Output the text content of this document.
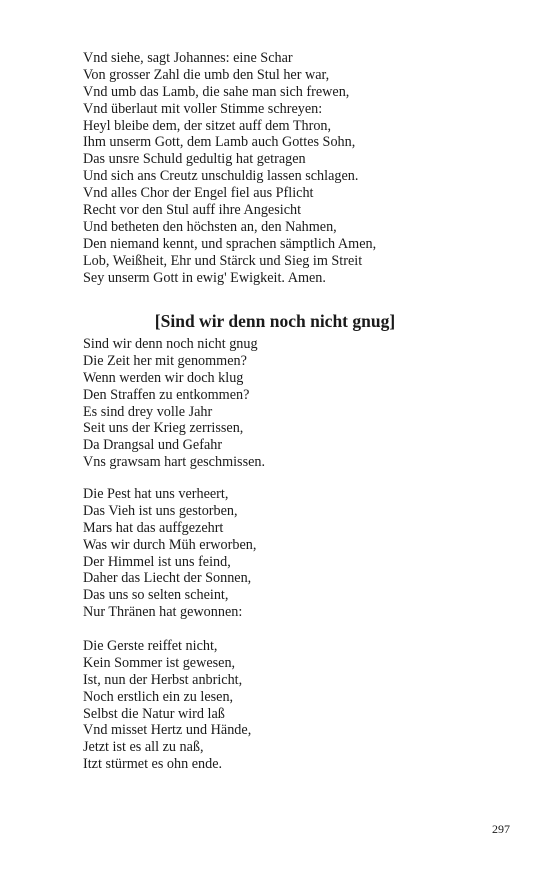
Vnd siehe, sagt Johannes: eine Schar
Von grosser Zahl die umb den Stul her war,
Vnd umb das Lamb, die sahe man sich frewen,
Vnd überlaut mit voller Stimme schreyen:
Heyl bleibe dem, der sitzet auff dem Thron,
Ihm unserm Gott, dem Lamb auch Gottes Sohn,
Das unsre Schuld gedultig hat getragen
Und sich ans Creutz unschuldig lassen schlagen.
Vnd alles Chor der Engel fiel aus Pflicht
Recht vor den Stul auff ihre Angesicht
Und betheten den höchsten an, den Nahmen,
Den niemand kennt, und sprachen sämptlich Amen,
Lob, Weißheit, Ehr und Stärck und Sieg im Streit
Sey unserm Gott in ewig' Ewigkeit. Amen.
[Sind wir denn noch nicht gnug]
Sind wir denn noch nicht gnug
Die Zeit her mit genommen?
Wenn werden wir doch klug
Den Straffen zu entkommen?
Es sind drey volle Jahr
Seit uns der Krieg zerrissen,
Da Drangsal und Gefahr
Vns grawsam hart geschmissen.
Die Pest hat uns verheert,
Das Vieh ist uns gestorben,
Mars hat das auffgezehrt
Was wir durch Müh erworben,
Der Himmel ist uns feind,
Daher das Liecht der Sonnen,
Das uns so selten scheint,
Nur Thränen hat gewonnen:
Die Gerste reiffet nicht,
Kein Sommer ist gewesen,
Ist, nun der Herbst anbricht,
Noch erstlich ein zu lesen,
Selbst die Natur wird laß
Vnd misset Hertz und Hände,
Jetzt ist es all zu naß,
Itzt stürmet es ohn ende.
297
